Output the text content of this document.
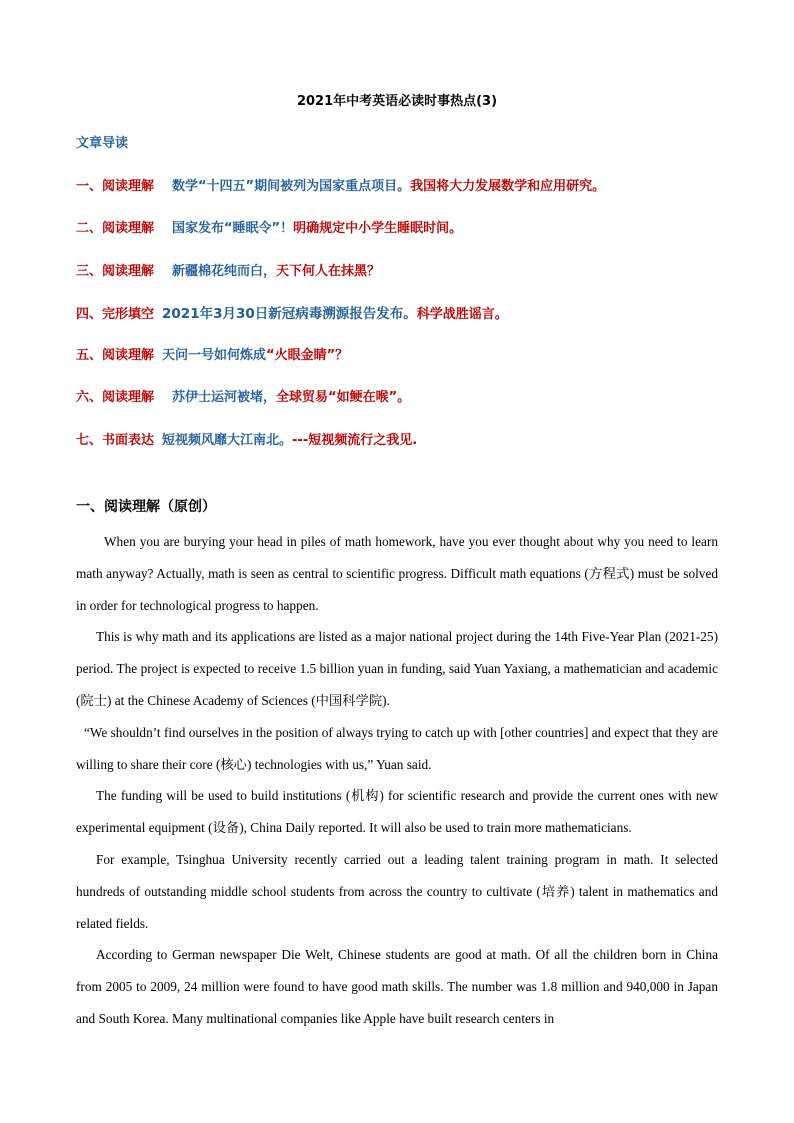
2021年中考英语必读时事热点(3)
文章导读
一、阅读理解 数学“十四五”期间被列为国家重点项目。我国将大力发展数学和应用研究。
二、阅读理解 国家发布“睡眠令”！明确规定中小学生睡眠时间。
三、阅读理解 新疆棉花纯而白，天下何人在抹黑？
四、完形填空 2021年3月30日新冠病毒溯源报告发布。科学战胜谣言。
五、阅读理解 天问一号如何炼成“火眼金睛”？
六、阅读理解 苏伊士运河被堵，全球贸易“如鲠在喉”。
七、书面表达 短视频风靡大江南北。---短视频流行之我见.
一、阅读理解（原创）

When you are burying your head in piles of math homework, have you ever thought about why you need to learn math anyway? Actually, math is seen as central to scientific progress. Difficult math equations (方程式) must be solved in order for technological progress to happen.

This is why math and its applications are listed as a major national project during the 14th Five-Year Plan (2021-25) period. The project is expected to receive 1.5 billion yuan in funding, said Yuan Yaxiang, a mathematician and academic (院士) at the Chinese Academy of Sciences (中国科学院).

“We shouldn’t find ourselves in the position of always trying to catch up with [other countries] and expect that they are willing to share their core (核心) technologies with us,” Yuan said.

The funding will be used to build institutions (机构) for scientific research and provide the current ones with new experimental equipment (设备), China Daily reported. It will also be used to train more mathematicians.

For example, Tsinghua University recently carried out a leading talent training program in math. It selected hundreds of outstanding middle school students from across the country to cultivate (培养) talent in mathematics and related fields.

According to German newspaper Die Welt, Chinese students are good at math. Of all the children born in China from 2005 to 2009, 24 million were found to have good math skills. The number was 1.8 million and 940,000 in Japan and South Korea. Many multinational companies like Apple have built research centers in
